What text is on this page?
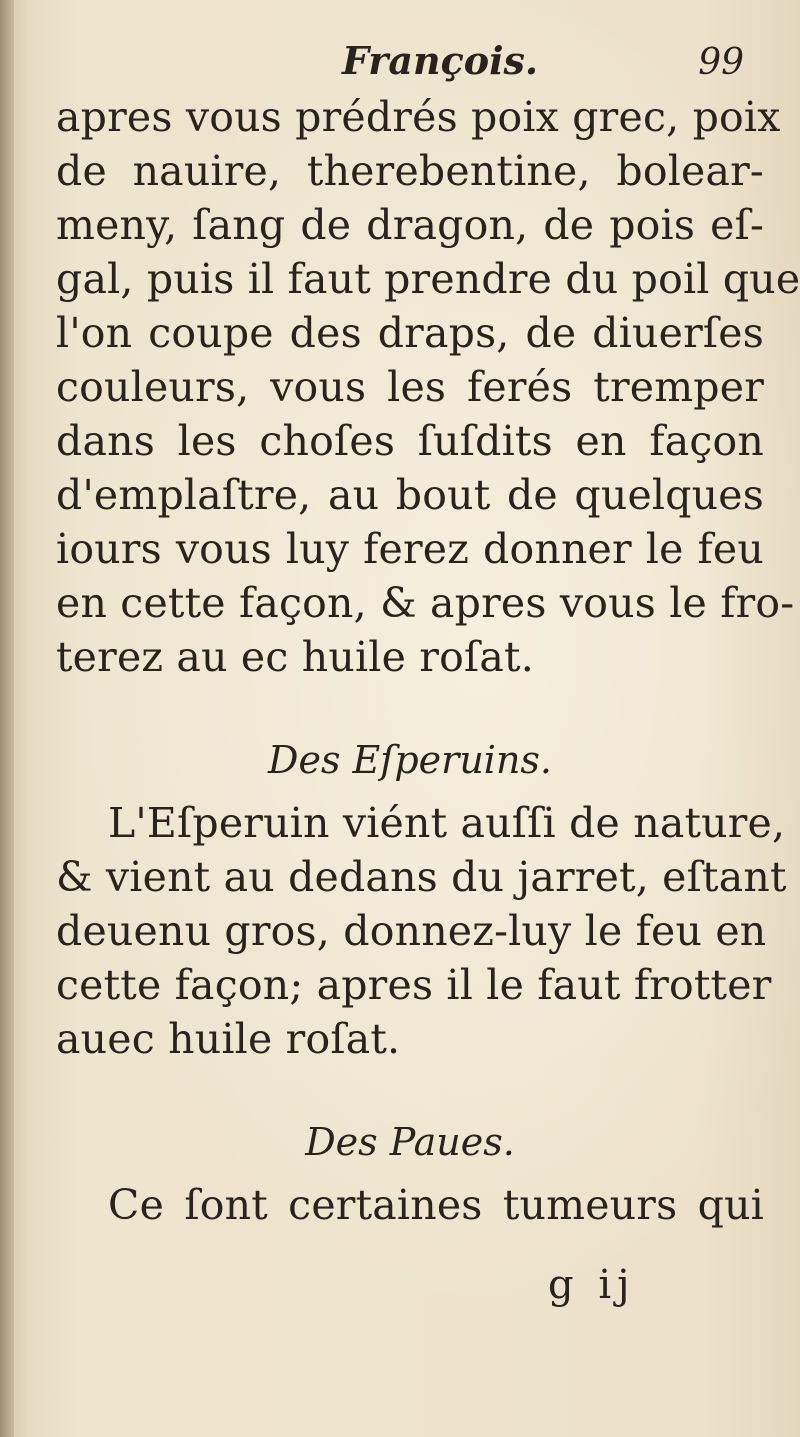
François.	99
apres vous prédrés poix grec, poix
de nauire, therebentine, bolear-
meny, ſang de dragon, de pois eſ-
gal, puis il faut prendre du poil que
l'on coupe des draps, de diuerſes
couleurs, vous les ferés tremper
dans les choſes ſuſdits en façon
d'emplaſtre, au bout de quelques
iours vous luy ferez donner le feu
en cette façon, & apres vous le fro-
terez au ec huile roſat.
Des Eſperuins.
L'Eſperuin viént auſſi de nature,
& vient au dedans du jarret, eſtant
deuenu gros, donnez-luy le feu en
cette façon; apres il le faut frotter
auec huile roſat.
Des Paues.
Ce ſont certaines tumeurs qui
g ij
